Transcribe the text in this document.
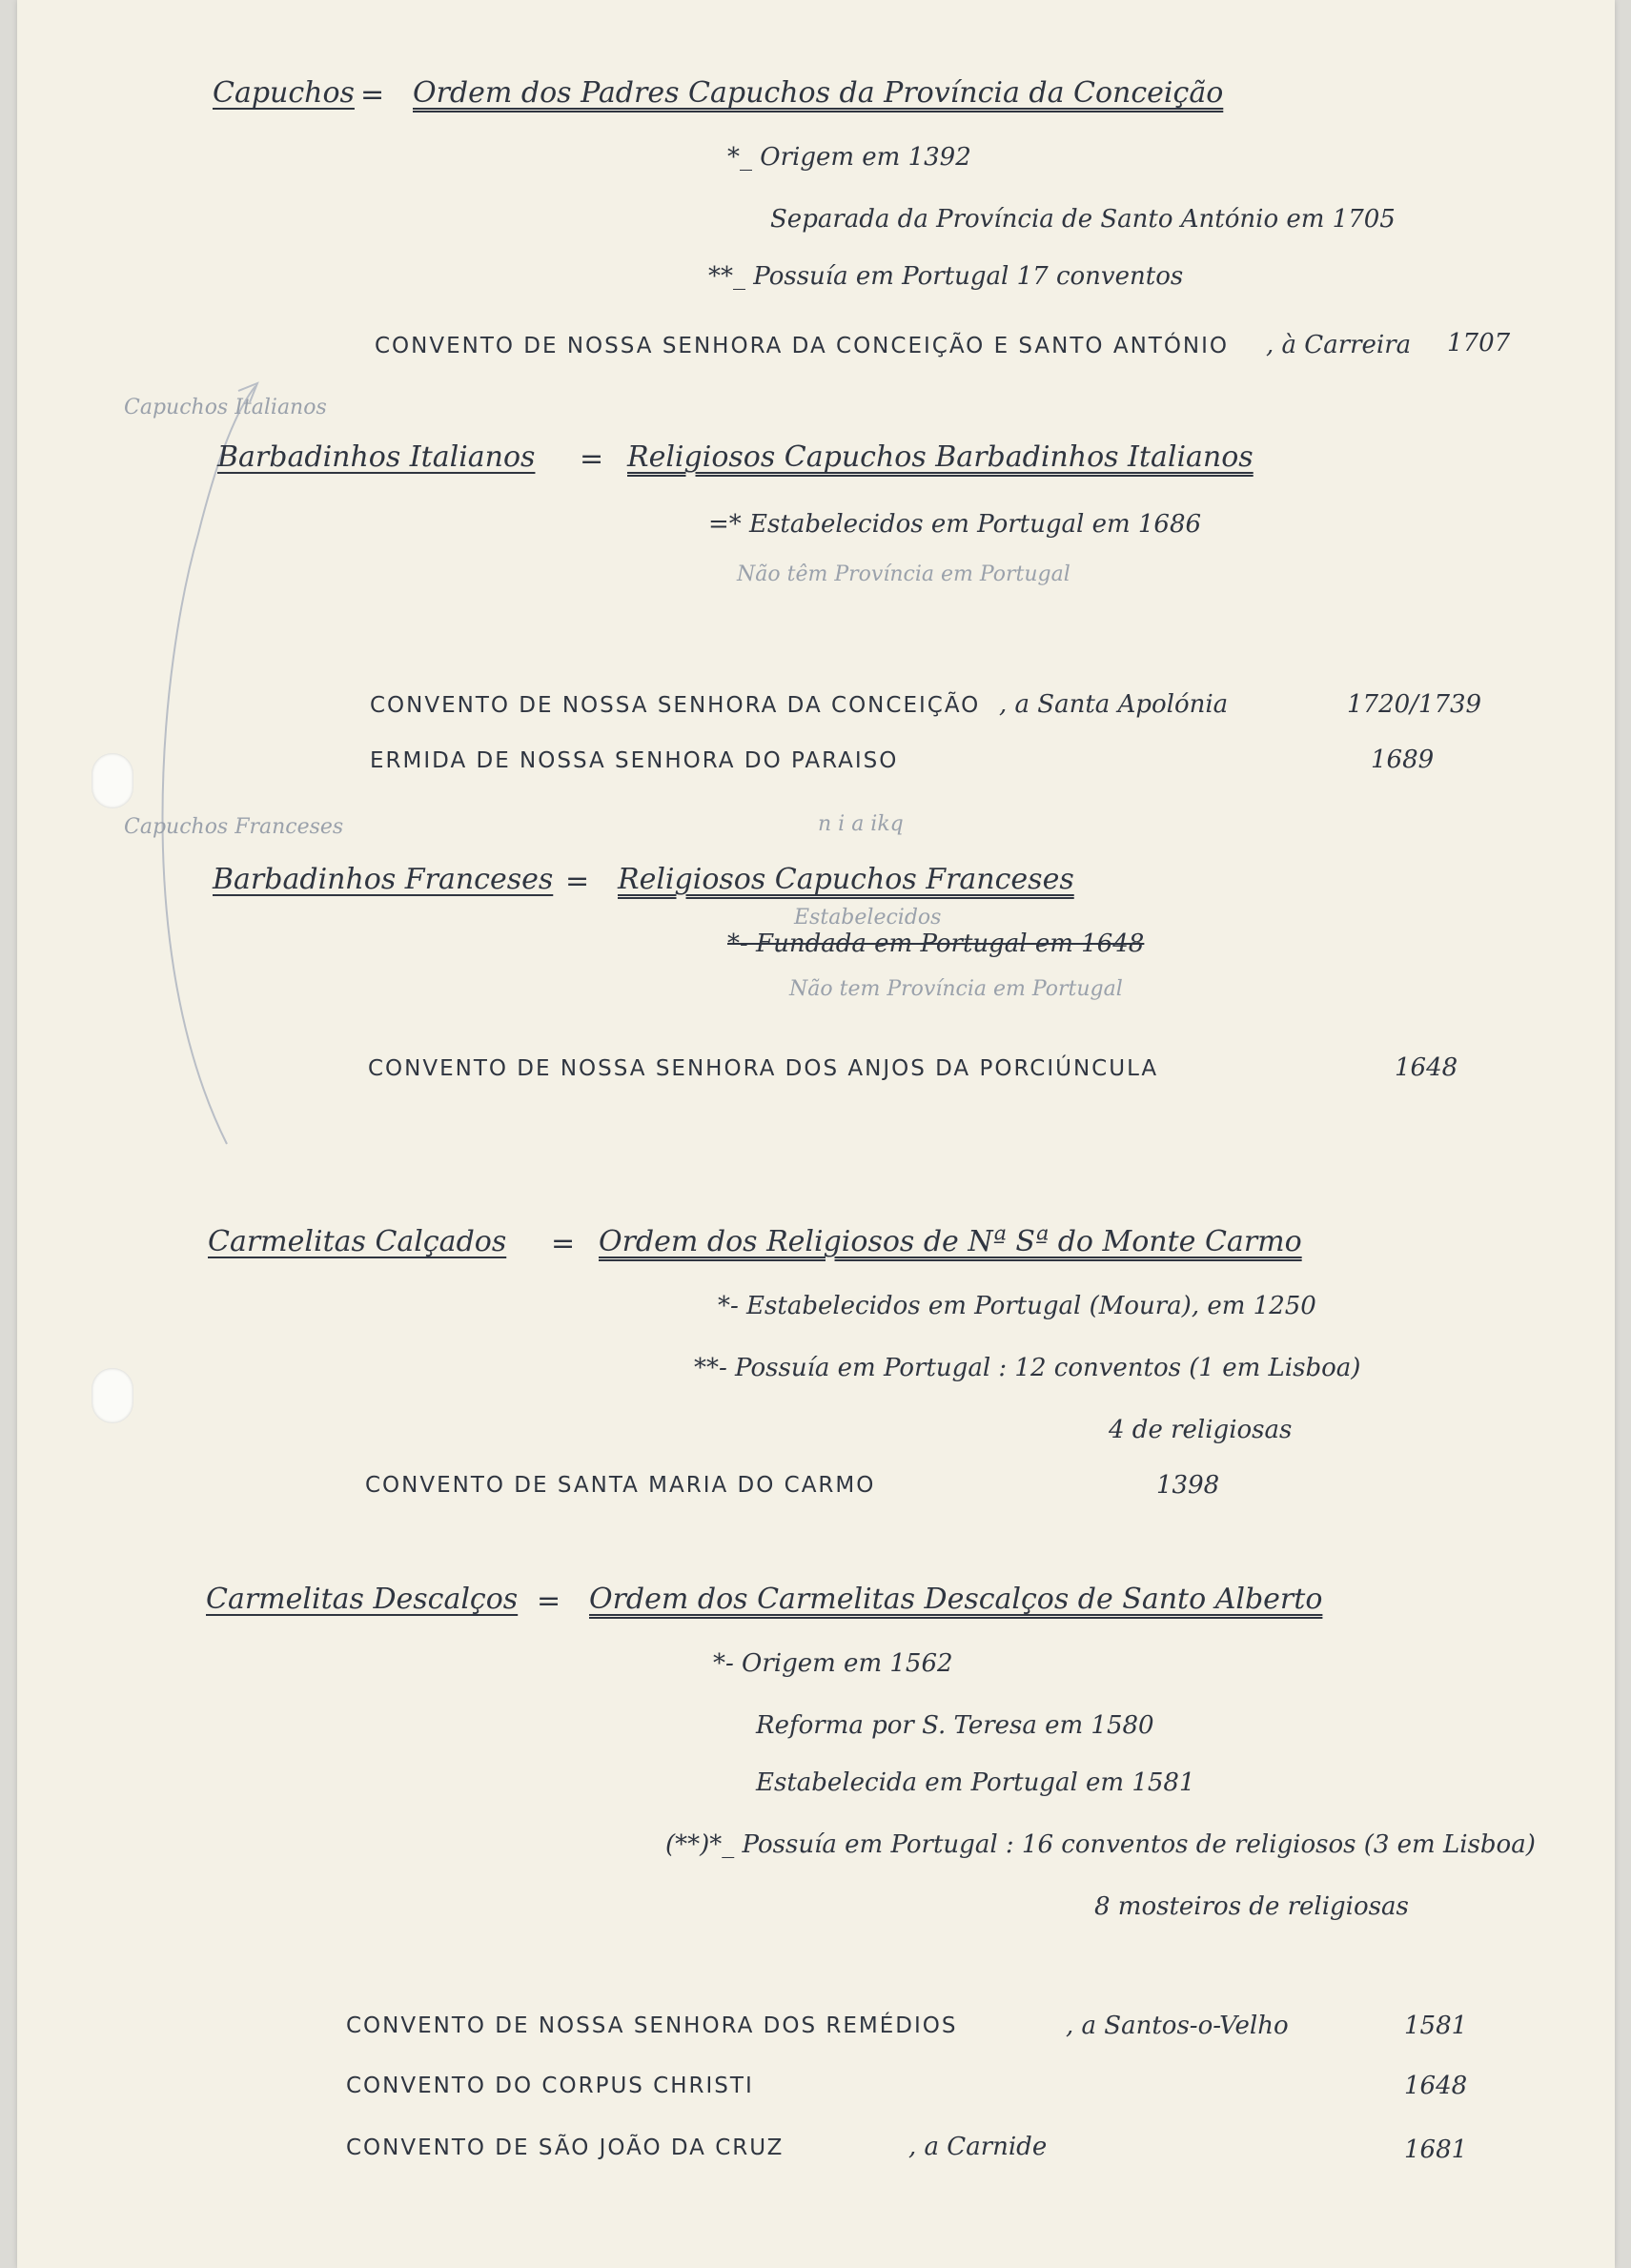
Capuchos = Ordem dos Padres Capuchos da Província da Conceição
*_ Origem em 1392
Separada da Província de Santo António em 1705
**_ Possuía em Portugal 17 conventos
CONVENTO DE NOSSA SENHORA DA CONCEIÇÃO E SANTO ANTÓNIO , à Carreira 1707
Capuchos Italianos
Barbadinhos Italianos = Religiosos Capuchos Barbadinhos Italianos
=* Estabelecidos em Portugal em 1686
Não têm Província em Portugal
CONVENTO DE NOSSA SENHORA DA CONCEIÇÃO , a Santa Apolónia	1720/1739
ERMIDA DE NOSSA SENHORA DO PARAISO	1689
Capuchos Franceses	n i a ikq
Barbadinhos Franceses = Religiosos Capuchos Franceses
Estabelecidos
*- Fundada em Portugal em 1648
Não tem Província em Portugal
CONVENTO DE NOSSA SENHORA DOS ANJOS DA PORCIÚNCULA	1648
Carmelitas Calçados = Ordem dos Religiosos de Nª Sª do Monte Carmo
*- Estabelecidos em Portugal (Moura), em 1250
**- Possuía em Portugal : 12 conventos (1 em Lisboa)
4 de religiosas
CONVENTO DE SANTA MARIA DO CARMO	1398
Carmelitas Descalços = Ordem dos Carmelitas Descalços de Santo Alberto
*- Origem em 1562
Reforma por S. Teresa em 1580
Estabelecida em Portugal em 1581
(**)*_ Possuía em Portugal : 16 conventos de religiosos (3 em Lisboa)
8 mosteiros de religiosas
CONVENTO DE NOSSA SENHORA DOS REMÉDIOS	, a Santos-o-Velho	1581
CONVENTO DO CORPUS CHRISTI	1648
CONVENTO DE SÃO JOÃO DA CRUZ	, a Carnide	1681
